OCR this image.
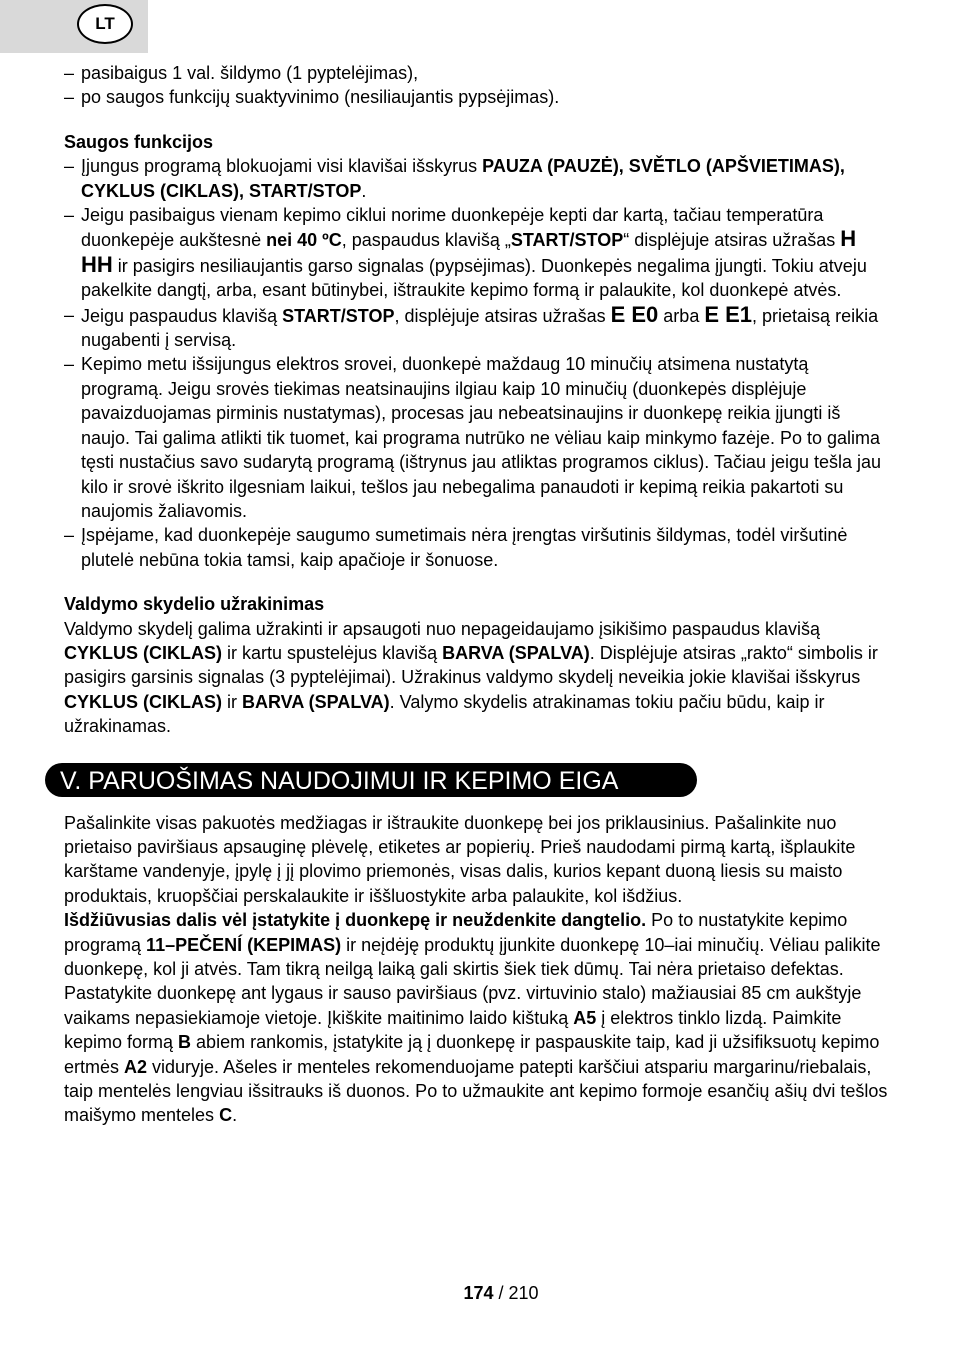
LT

– pasibaigus 1 val. šildymo (1 pyptelėjimas),

– po saugos funkcijų suaktyvinimo (nesiliaujantis pypsėjimas).

Saugos funkcijos

– Įjungus programą blokuojami visi klavišai išskyrus PAUZA (PAUZĖ), SVĚTLO (APŠVIETIMAS), CYKLUS (CIKLAS), START/STOP.

– Jeigu pasibaigus vienam kepimo ciklui norime duonkepėje kepti dar kartą, tačiau temperatūra duonkepėje aukštesnė nei 40 ºC, paspaudus klavišą „START/STOP“ displėjuje atsiras užrašas H HH ir pasigirs nesiliaujantis garso signalas (pypsėjimas). Duonkepės negalima įjungti. Tokiu atveju pakelkite dangtį, arba, esant būtinybei, ištraukite kepimo formą ir palaukite, kol duonkepė atvės.

– Jeigu paspaudus klavišą START/STOP, displėjuje atsiras užrašas E E0 arba E E1, prietaisą reikia nugabenti į servisą.

– Kepimo metu išsijungus elektros srovei, duonkepė maždaug 10 minučių atsimena nustatytą programą. Jeigu srovės tiekimas neatsinaujins ilgiau kaip 10 minučių (duonkepės displėjuje pavaizduojamas pirminis nustatymas), procesas jau nebeatsinaujins ir duonkepę reikia įjungti iš naujo. Tai galima atlikti tik tuomet, kai programa nutrūko ne vėliau kaip minkymo fazėje. Po to galima tęsti nustačius savo sudarytą programą (ištrynus jau atliktas programos ciklus). Tačiau jeigu tešla jau kilo ir srovė iškrito ilgesniam laikui, tešlos jau nebegalima panaudoti ir kepimą reikia pakartoti su naujomis žaliavomis.

– Įspėjame, kad duonkepėje saugumo sumetimais nėra įrengtas viršutinis šildymas, todėl viršutinė plutelė nebūna tokia tamsi, kaip apačioje ir šonuose.

Valdymo skydelio užrakinimas

Valdymo skydelį galima užrakinti ir apsaugoti nuo nepageidaujamo įsikišimo paspaudus klavišą CYKLUS (CIKLAS) ir kartu spustelėjus klavišą BARVA (SPALVA). Displėjuje atsiras „rakto“ simbolis ir pasigirs garsinis signalas (3 pyptelėjimai). Užrakinus valdymo skydelį neveikia jokie klavišai išskyrus CYKLUS (CIKLAS) ir BARVA (SPALVA). Valymo skydelis atrakinamas tokiu pačiu būdu, kaip ir užrakinamas.

V. PARUOŠIMAS NAUDOJIMUI IR KEPIMO EIGA

Pašalinkite visas pakuotės medžiagas ir ištraukite duonkepę bei jos priklausinius. Pašalinkite nuo prietaiso paviršiaus apsauginę plėvelę, etiketes ar popierių. Prieš naudodami pirmą kartą, išplaukite karštame vandenyje, įpylę į jį plovimo priemonės, visas dalis, kurios kepant duoną liesis su maisto produktais, kruopščiai perskalaukite ir iššluostykite arba palaukite, kol išdžius.

Išdžiūvusias dalis vėl įstatykite į duonkepę ir neuždenkite dangtelio. Po to nustatykite kepimo programą 11–PEČENÍ (KEPIMAS) ir neįdėję produktų įjunkite duonkepę 10–iai minučių. Vėliau palikite duonkepę, kol ji atvės. Tam tikrą neilgą laiką gali skirtis šiek tiek dūmų. Tai nėra prietaiso defektas.

Pastatykite duonkepę ant lygaus ir sauso paviršiaus (pvz. virtuvinio stalo) mažiausiai 85 cm aukštyje vaikams nepasiekiamoje vietoje. Įkiškite maitinimo laido kištuką A5 į elektros tinklo lizdą. Paimkite kepimo formą B abiem rankomis, įstatykite ją į duonkepę ir paspauskite taip, kad ji užsifiksuotų kepimo ertmės A2 viduryje. Ašeles ir menteles rekomenduojame patepti karščiui atspariu margarinu/riebalais, taip mentelės lengviau išsitrauks iš duonos. Po to užmaukite ant kepimo formoje esančių ašių dvi tešlos maišymo menteles C.

174 / 210
